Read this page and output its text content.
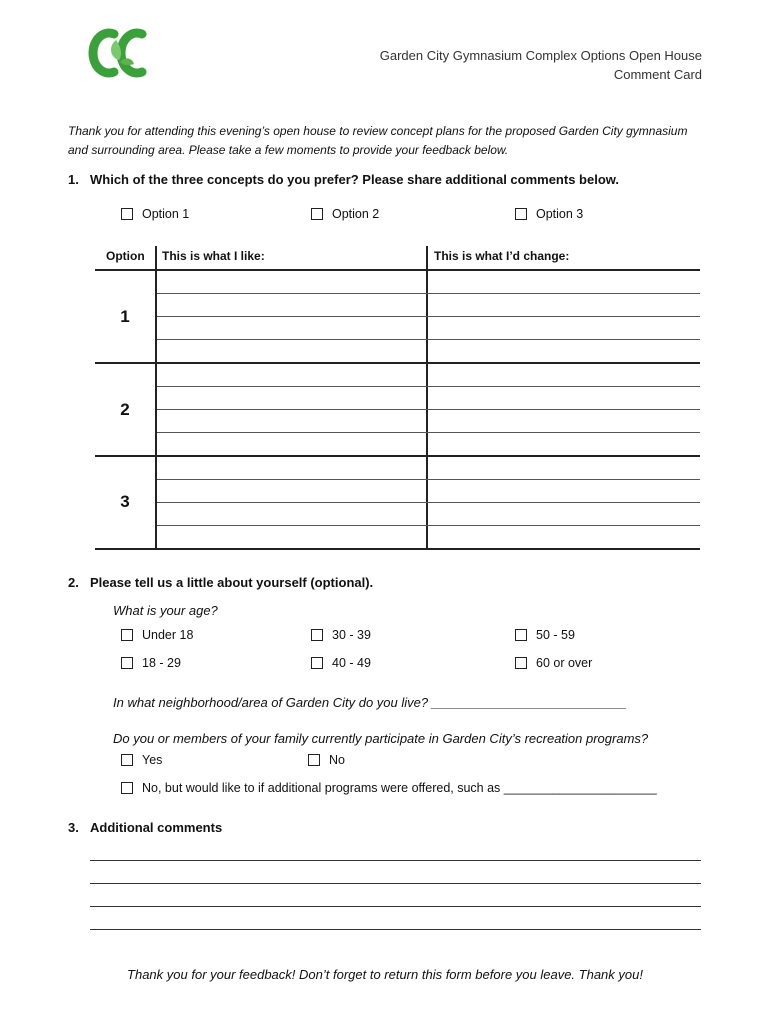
Garden City Gymnasium Complex Options Open House
Comment Card
Thank you for attending this evening’s open house to review concept plans for the proposed Garden City gymnasium and surrounding area. Please take a few moments to provide your feedback below.
1. Which of the three concepts do you prefer? Please share additional comments below.
Option 1	Option 2	Option 3
Option This is what I like:	This is what I’d change:
1
2
3
2. Please tell us a little about yourself (optional).
What is your age?
Under 18
18 - 29
30 - 39
40 - 49
50 - 59
60 or over
In what neighborhood/area of Garden City do you live? ___________________________
Do you or members of your family currently participate in Garden City’s recreation programs?
Yes	No
No, but would like to if additional programs were offered, such as ______________________
3. Additional comments
Thank you for your feedback! Don’t forget to return this form before you leave. Thank you!
